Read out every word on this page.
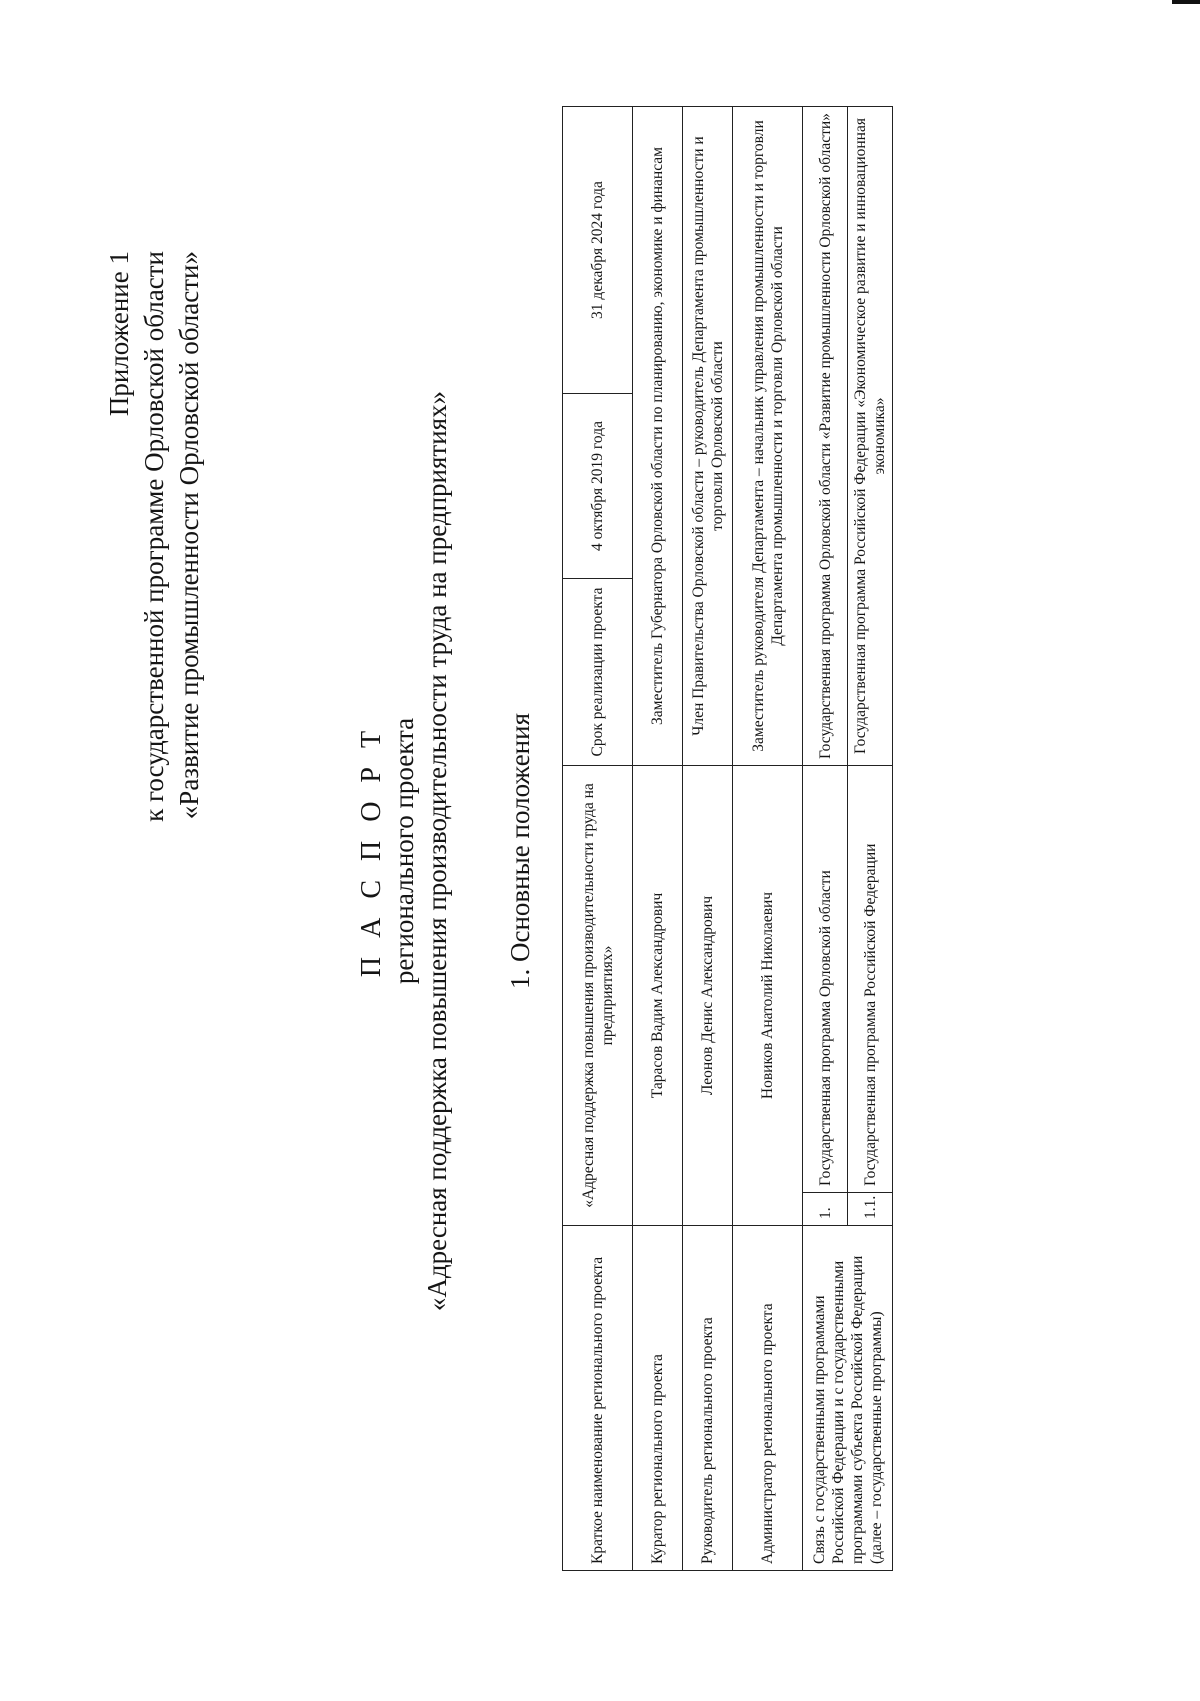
Приложение 1 к государственной программе Орловской области «Развитие промышленности Орловской области»
П А С П О Р Т регионального проекта «Адресная поддержка повышения производительности труда на предприятиях» 1. Основные положения
Краткое наименование регионального проекта	«Адресная поддержка повышения производительности труда на предприятиях»		Срок реализации проекта	4 октября 2019 года	31 декабря 2024 года
Куратор регионального проекта	Тарасов Вадим Александрович		Заместитель Губернатора Орловской области по планированию, экономике и финансам		
Руководитель регионального проекта	Леонов Денис Александрович		Член Правительства Орловской области – руководитель Департамента промышленности и торговли Орловской области		
Администратор регионального проекта	Новиков Анатолий Николаевич		Заместитель руководителя Департамента – начальник управления промышленности и торговли Департамента промышленности и торговли Орловской области		
Связь с государственными программами Российской Федерации и с государственными программами субъекта Российской Федерации (далее – государственные программы)	1.	Государственная программа Орловской области	Государственная программа Орловской области «Развитие промышленности Орловской области»		
	1.1.	Государственная программа Российской Федерации	Государственная программа Российской Федерации «Экономическое развитие и инновационная экономика»		
